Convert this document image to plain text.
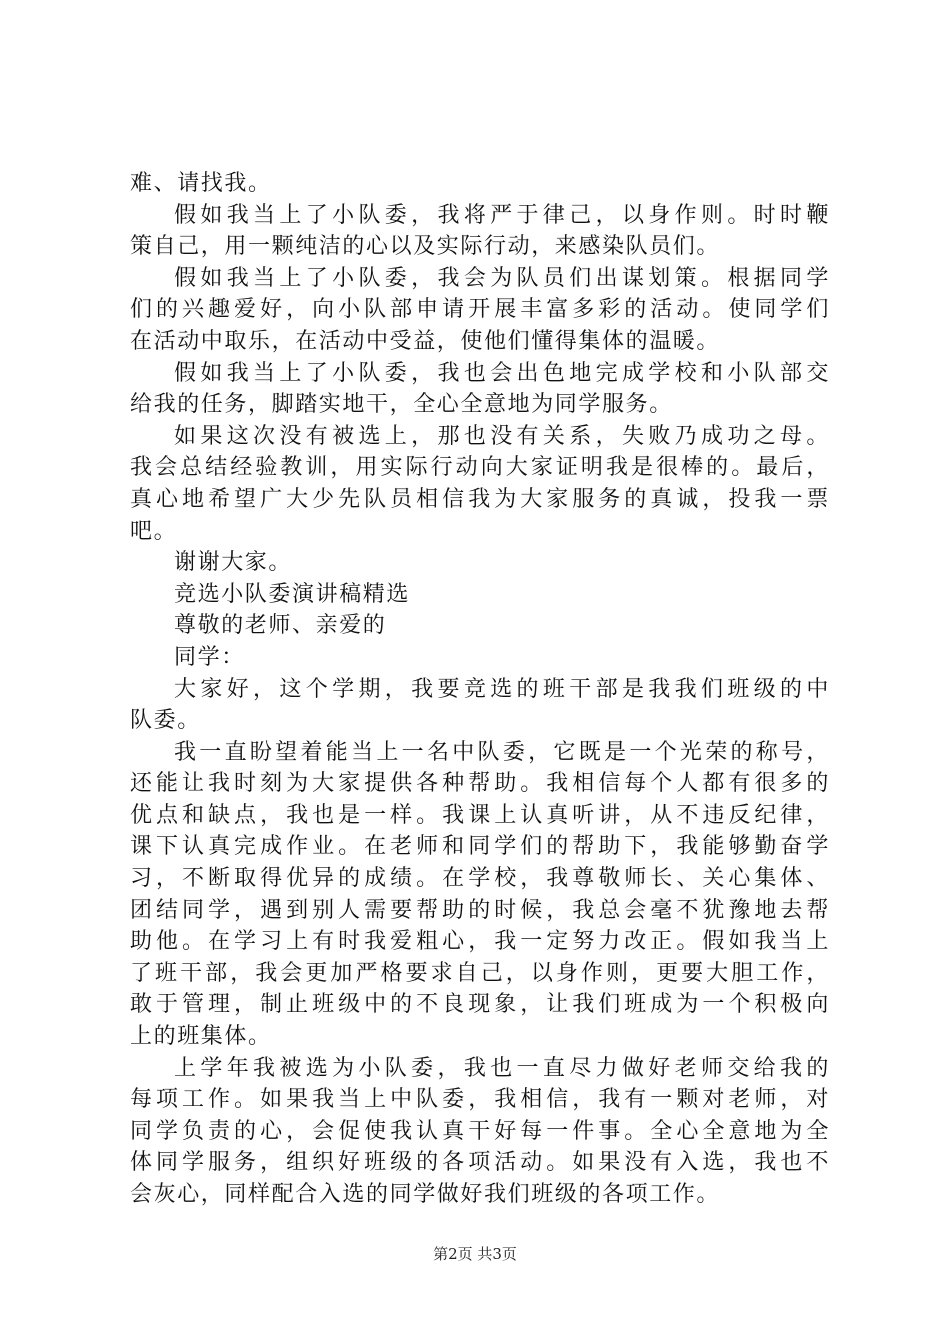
难、请找我。
假如我当上了小队委，我将严于律己，以身作则。时时鞭
策自己，用一颗纯洁的心以及实际行动，来感染队员们。
假如我当上了小队委，我会为队员们出谋划策。根据同学
们的兴趣爱好，向小队部申请开展丰富多彩的活动。使同学们
在活动中取乐，在活动中受益，使他们懂得集体的温暖。
假如我当上了小队委，我也会出色地完成学校和小队部交
给我的任务，脚踏实地干，全心全意地为同学服务。
如果这次没有被选上，那也没有关系，失败乃成功之母。
我会总结经验教训，用实际行动向大家证明我是很棒的。最后，
真心地希望广大少先队员相信我为大家服务的真诚，投我一票
吧。
谢谢大家。
竞选小队委演讲稿精选
尊敬的老师、亲爱的
同学：
大家好，这个学期，我要竞选的班干部是我我们班级的中
队委。
我一直盼望着能当上一名中队委，它既是一个光荣的称号，
还能让我时刻为大家提供各种帮助。我相信每个人都有很多的
优点和缺点，我也是一样。我课上认真听讲，从不违反纪律，
课下认真完成作业。在老师和同学们的帮助下，我能够勤奋学
习，不断取得优异的成绩。在学校，我尊敬师长、关心集体、
团结同学，遇到别人需要帮助的时候，我总会毫不犹豫地去帮
助他。在学习上有时我爱粗心，我一定努力改正。假如我当上
了班干部，我会更加严格要求自己，以身作则，更要大胆工作，
敢于管理，制止班级中的不良现象，让我们班成为一个积极向
上的班集体。
上学年我被选为小队委，我也一直尽力做好老师交给我的
每项工作。如果我当上中队委，我相信，我有一颗对老师，对
同学负责的心，会促使我认真干好每一件事。全心全意地为全
体同学服务，组织好班级的各项活动。如果没有入选，我也不
会灰心，同样配合入选的同学做好我们班级的各项工作。
第2页 共3页
